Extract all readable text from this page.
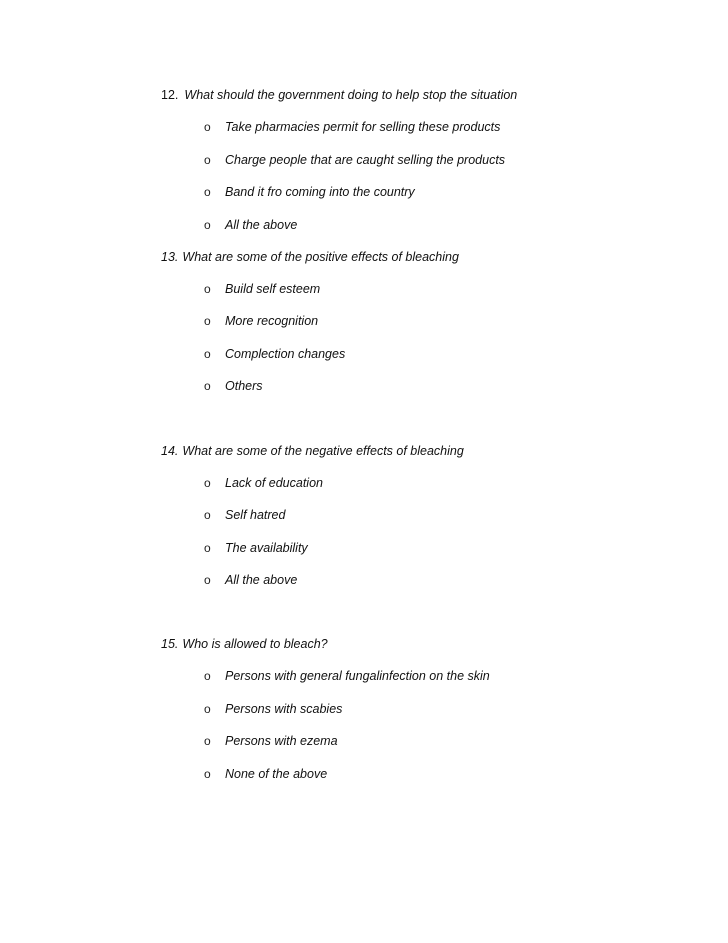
12. What should the government doing to help stop the situation
o Take pharmacies permit for selling these products
o Charge people that are caught selling the products
o Band it fro coming into the country
o All the above
13. What are some of the positive effects of bleaching
o Build self esteem
o More recognition
o Complection changes
o Others
14. What are some of the negative effects of bleaching
o Lack of education
o Self hatred
o The availability
o All the above
15. Who is allowed to bleach?
o Persons with general fungalinfection on the skin
o Persons with scabies
o Persons with ezema
o None of the above
